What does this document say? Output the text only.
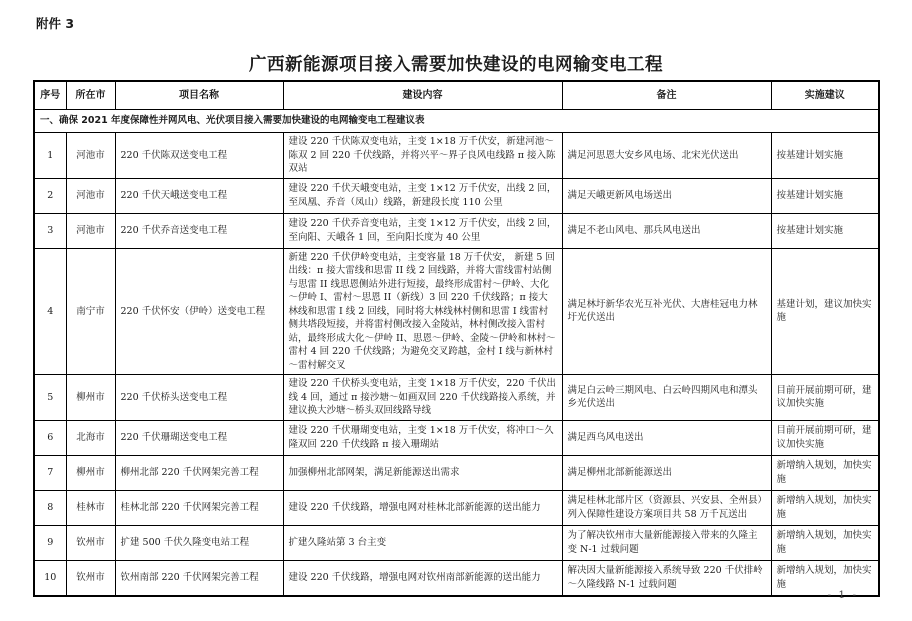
附件 3
广西新能源项目接入需要加快建设的电网输变电工程
序号	所在市	项目名称	建设内容	备注	实施建议
一、确保 2021 年度保障性并网风电、光伏项目接入需要加快建设的电网输变电工程建议表					
1	河池市	220 千伏陈双送变电工程	建设 220 千伏陈双变电站，主变 1×18 万千伏安，新建河池～陈双 2 回 220 千伏线路，并将兴平～界子良风电线路 π 接入陈双站	满足河思恩大安乡风电场、北宋光伏送出	按基建计划实施
2	河池市	220 千伏天峨送变电工程	建设 220 千伏天峨变电站，主变 1×12 万千伏安，出线 2 回，至凤凰、乔音（凤山）线路，新建段长度 110 公里	满足天峨更新风电场送出	按基建计划实施
3	河池市	220 千伏乔音送变电工程	建设 220 千伏乔音变电站，主变 1×12 万千伏安，出线 2 回，至向阳、天峨各 1 回，至向阳长度为 40 公里	满足不老山风电、那兵风电送出	按基建计划实施
4	南宁市	220 千伏怀安（伊岭）送变电工程	新建 220 千伏伊岭变电站，主变容量 18 万千伏安， 新建 5 回出线：π 接大雷线和思雷 II 线 2 回线路，并将大雷线雷村站侧与思雷 II 线思恩侧站外进行短接，最终形成雷村～伊岭、大化～伊岭 I、雷村～思恩 II（新线）3 回 220 千伏线路；π 接大林线和思雷 I 线 2 回线，同时将大林线林村侧和思雷 I 线雷村侧共塔段短接，并将雷村侧改接入金陵站，林村侧改接入雷村站，最终形成大化～伊岭 II、思恩～伊岭、金陵～伊岭和林村～雷村 4 回 220 千伏线路；为避免交叉跨越，金村 I 线与新林村～雷村解交叉	满足林圩新华农光互补光伏、大唐桂冠电力林圩光伏送出	基建计划，建议加快实施
5	柳州市	220 千伏桥头送变电工程	建设 220 千伏桥头变电站，主变 1×18 万千伏安，220 千伏出线 4 回，通过 π 接沙塘～如画双回 220 千伏线路接入系统，并建议换大沙塘～桥头双回线路导线	满足白云岭三期风电、白云岭四期风电和潭头乡光伏送出	目前开展前期可研，建议加快实施
6	北海市	220 千伏珊瑚送变电工程	建设 220 千伏珊瑚变电站，主变 1×18 万千伏安，将冲口～久隆双回 220 千伏线路 π 接入珊瑚站	满足西乌风电送出	目前开展前期可研，建议加快实施
7	柳州市	柳州北部 220 千伏网架完善工程	加强柳州北部网架，满足新能源送出需求	满足柳州北部新能源送出	新增纳入规划，加快实施
8	桂林市	桂林北部 220 千伏网架完善工程	建设 220 千伏线路，增强电网对桂林北部新能源的送出能力	满足桂林北部片区（资源县、兴安县、全州县）列入保障性建设方案项目共 58 万千瓦送出	新增纳入规划，加快实施
9	钦州市	扩建 500 千伏久隆变电站工程	扩建久隆站第 3 台主变	为了解决钦州市大量新能源接入带来的久隆主变 N-1 过载问题	新增纳入规划，加快实施
10	钦州市	钦州南部 220 千伏网架完善工程	建设 220 千伏线路，增强电网对钦州南部新能源的送出能力	解决因大量新能源接入系统导致 220 千伏排岭～久隆线路 N-1 过载问题	新增纳入规划，加快实施
- 1 -
